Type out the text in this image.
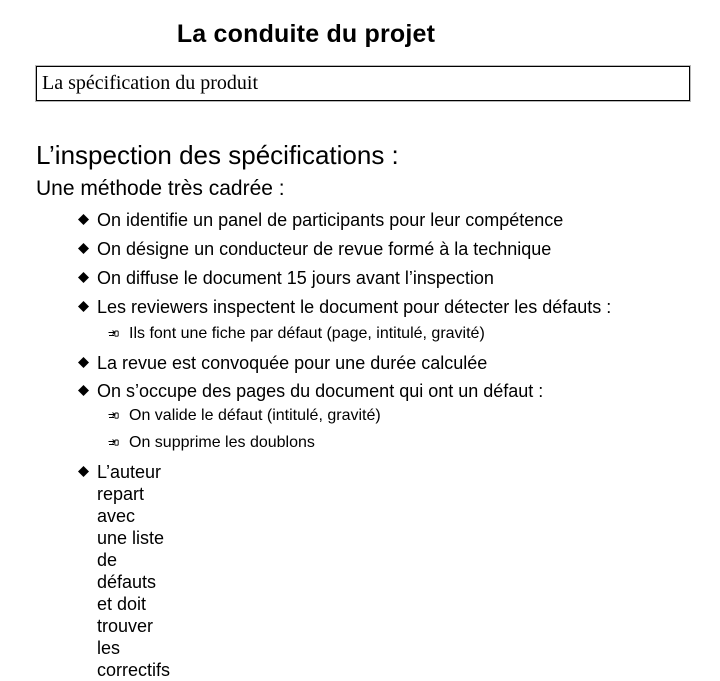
La conduite du projet
La spécification du produit
L’inspection des spécifications :
Une méthode très cadrée :
On identifie un panel de participants pour leur compétence
On désigne un conducteur de revue formé à la technique
On diffuse le document 15 jours avant l’inspection
Les reviewers inspectent le document pour détecter les défauts :
Ils font une fiche par défaut (page, intitulé, gravité)
La revue est convoquée pour une durée calculée
On s’occupe des pages du document qui ont un défaut :
On valide le défaut (intitulé, gravité)
On supprime les doublons
L’auteur repart avec une liste de défauts et doit trouver les
correctifs
